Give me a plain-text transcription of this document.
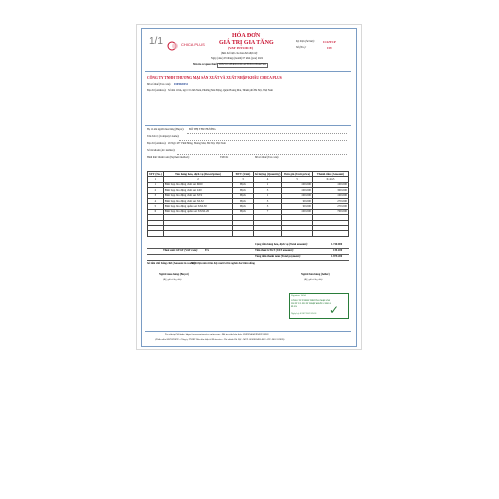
1/1	CHICA PLUS
HÓA ĐƠN
GIÁ TRỊ GIA TĂNG
(VAT INVOICE)
(Bản thể hiện của hóa đơn điện tử)
Ngày (date) 03 tháng (month) 07 năm (year) 2022
Mã của cơ quan thuế: 00E25CC2B4D6CD6CAEB5E8C8E6AE562
Ký hiệu (Serial):	1C22TCP
Số (No.):	159
CÔNG TY TNHH THƯƠNG MẠI SẢN XUẤT VÀ XUẤT NHẬP KHẨU CHICA PLUS
Mã số thuế (Tax code): 0109020451
Địa chỉ (Address): Số nhà 119A, ngõ 15 Lĩnh Nam, Phường Mai Động, Quận Hoàng Mai, Thành phố Hà Nội, Việt Nam
Họ và tên người mua hàng (Buyer): ĐỖ THỊ THU HƯƠNG
Tên đơn vị (Company's name):
Địa chỉ (Address): 29 Ngõ 187 Vĩnh Hưng, Hoàng Mai, Hà Nội, Việt Nam
Số tài khoản (AC number):
Hình thức thanh toán (Payment method):	TM/CK	Mã số thuế (Tax code):
STT (No.)	Tên hàng hóa, dịch vụ (Description)	ĐVT (Unit)	Số lượng (Quantity)	Đơn giá (Unit price)	Thành tiền (Amount)
1	2	3	4	5	6=4x5
1	Bím bụp bìa đặng chải sai M60	Bịch	1	100.000	100.000
2	Bím bụp bìa đặng chải sai L60	Bịch	3	100.000	300.000
3	Bím bụp bìa đặng chải sai XT2	Bịch	1	100.000	100.000
4	Bím bụp bìa đặng chải sai XL32	Bịch	3	90.000	270.000
5	Bím bụp bìa đặng quần sai XXL30	Bịch	3	90.000	270.000
6	Bím bụp bìa đặng quần sai XXXL26	Bịch	7	100.000	700.000

Cộng tiền hàng hóa, dịch vụ (Total amount):	1.740.000
Thuế suất GTGT (VAT rate):	8%	Tiền thuế GTGT (VAT amount):	139.200
Tổng tiền thanh toán (Total payment):	1.879.200
Số tiền viết bằng chữ (Amount in words):
Một triệu tám trăm bảy mươi chín nghìn hai trăm đồng
Người mua hàng (Buyer)
(Ký, ghi rõ họ, tên)
Người bán hàng (Seller)
(Ký, ghi rõ họ, tên)
Signature Valid
CÔNG TY TNHH THƯƠNG MẠI SẢN XUẤT VÀ XUẤT NHẬP KHẨU CHICA PLUS
Ngày ký: 03/07/2022 09:18 ✓
Tra cứu tại Website: https://www.meinvoice.vn/tra-cuu - Mã tra cứu hóa đơn: 5REN9404EXMCFGIKE
(Phần mềm M-INVOICE - Công ty TNHH Hóa đơn điện tử M-invoice - Chi nhánh Hà Nội - MST: 0106026495-003 - ĐT: 0852112099)
